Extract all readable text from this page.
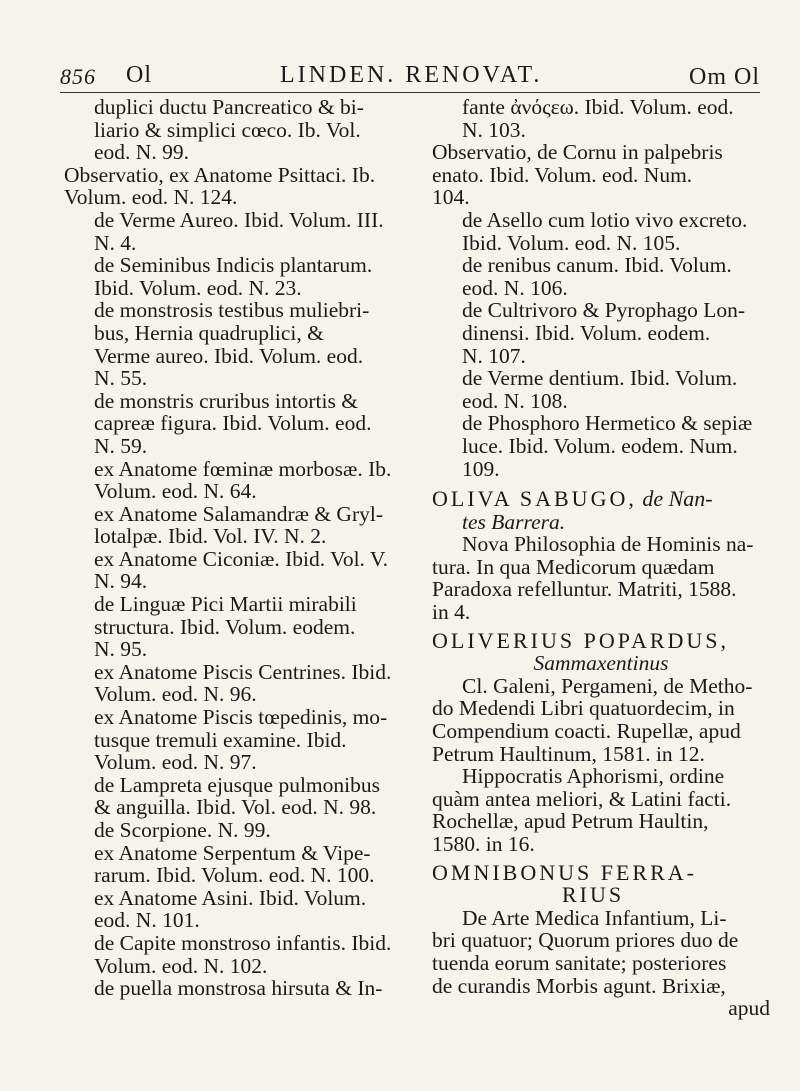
856 Ol	LINDEN. RENOVAT.	Om Ol
duplici ductu Pancreatico & bi-
liario & simplici cœco. Ib. Vol.
eod. N. 99.
Observatio, ex Anatome Psittaci. Ib.
Volum. eod. N. 124.
de Verme Aureo. Ibid. Volum. III.
N. 4.
de Seminibus Indicis plantarum.
Ibid. Volum. eod. N. 23.
de monstrosis testibus muliebri-
bus, Hernia quadruplici, &
Verme aureo. Ibid. Volum. eod.
N. 55.
de monstris cruribus intortis &
capreæ figura. Ibid. Volum. eod.
N. 59.
ex Anatome fœminæ morbosæ. Ib.
Volum. eod. N. 64.
ex Anatome Salamandræ & Gryl-
lotalpæ. Ibid. Vol. IV. N. 2.
ex Anatome Ciconiæ. Ibid. Vol. V.
N. 94.
de Linguæ Pici Martii mirabili
structura. Ibid. Volum. eodem.
N. 95.
ex Anatome Piscis Centrines. Ibid.
Volum. eod. N. 96.
ex Anatome Piscis tœpedinis, mo-
tusque tremuli examine. Ibid.
Volum. eod. N. 97.
de Lampreta ejusque pulmonibus
& anguilla. Ibid. Vol. eod. N. 98.
de Scorpione. N. 99.
ex Anatome Serpentum & Vipe-
rarum. Ibid. Volum. eod. N. 100.
ex Anatome Asini. Ibid. Volum.
eod. N. 101.
de Capite monstroso infantis. Ibid.
Volum. eod. N. 102.
de puella monstrosa hirsuta & In-
fante ἀνόςεω. Ibid. Volum. eod.
N. 103.
Observatio, de Cornu in palpebris
enato. Ibid. Volum. eod. Num.
104.
de Asello cum lotio vivo excreto.
Ibid. Volum. eod. N. 105.
de renibus canum. Ibid. Volum.
eod. N. 106.
de Cultrivoro & Pyrophago Lon-
dinensi. Ibid. Volum. eodem.
N. 107.
de Verme dentium. Ibid. Volum.
eod. N. 108.
de Phosphoro Hermetico & sepiæ
luce. Ibid. Volum. eodem. Num.
109.
OLIVA SABUGO, de Nan-
tes Barrera.
Nova Philosophia de Hominis na-
tura. In qua Medicorum quædam
Paradoxa refelluntur. Matriti, 1588.
in 4.
OLIVERIUS POPARDUS,
Sammaxentinus
Cl. Galeni, Pergameni, de Metho-
do Medendi Libri quatuordecim, in
Compendium coacti. Rupellæ, apud
Petrum Haultinum, 1581. in 12.
Hippocratis Aphorismi, ordine
quàm antea meliori, & Latini facti.
Rochellæ, apud Petrum Haultin,
1580. in 16.
OMNIBONUS FERRA-
RIUS
De Arte Medica Infantium, Li-
bri quatuor; Quorum priores duo de
tuenda eorum sanitate; posteriores
de curandis Morbis agunt. Brixiæ,
apud
